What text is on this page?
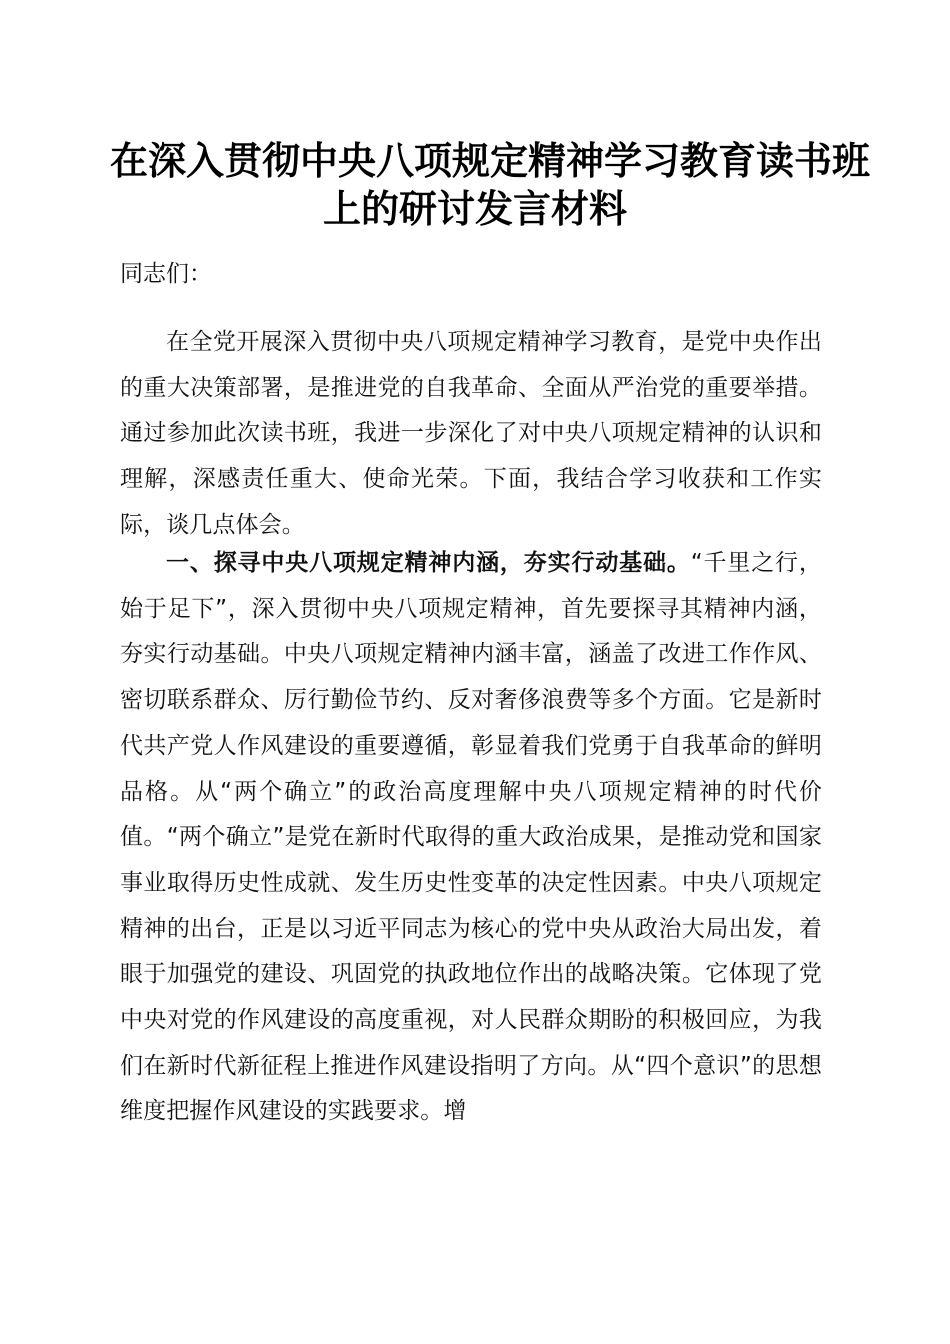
在深入贯彻中央八项规定精神学习教育读书班
上的研讨发言材料
同志们：

在全党开展深入贯彻中央八项规定精神学习教育，是党中央作出的重大决策部署，是推进党的自我革命、全面从严治党的重要举措。通过参加此次读书班，我进一步深化了对中央八项规定精神的认识和理解，深感责任重大、使命光荣。下面，我结合学习收获和工作实际，谈几点体会。

一、探寻中央八项规定精神内涵，夯实行动基础。“千里之行，始于足下”，深入贯彻中央八项规定精神，首先要探寻其精神内涵，夯实行动基础。中央八项规定精神内涵丰富，涵盖了改进工作作风、密切联系群众、厉行勤俭节约、反对奢侈浪费等多个方面。它是新时代共产党人作风建设的重要遵循，彰显着我们党勇于自我革命的鲜明品格。从“两个确立”的政治高度理解中央八项规定精神的时代价值。“两个确立”是党在新时代取得的重大政治成果，是推动党和国家事业取得历史性成就、发生历史性变革的决定性因素。中央八项规定精神的出台，正是以习近平同志为核心的党中央从政治大局出发，着眼于加强党的建设、巩固党的执政地位作出的战略决策。它体现了党中央对党的作风建设的高度重视，对人民群众期盼的积极回应，为我们在新时代新征程上推进作风建设指明了方向。从“四个意识”的思想维度把握作风建设的实践要求。增
